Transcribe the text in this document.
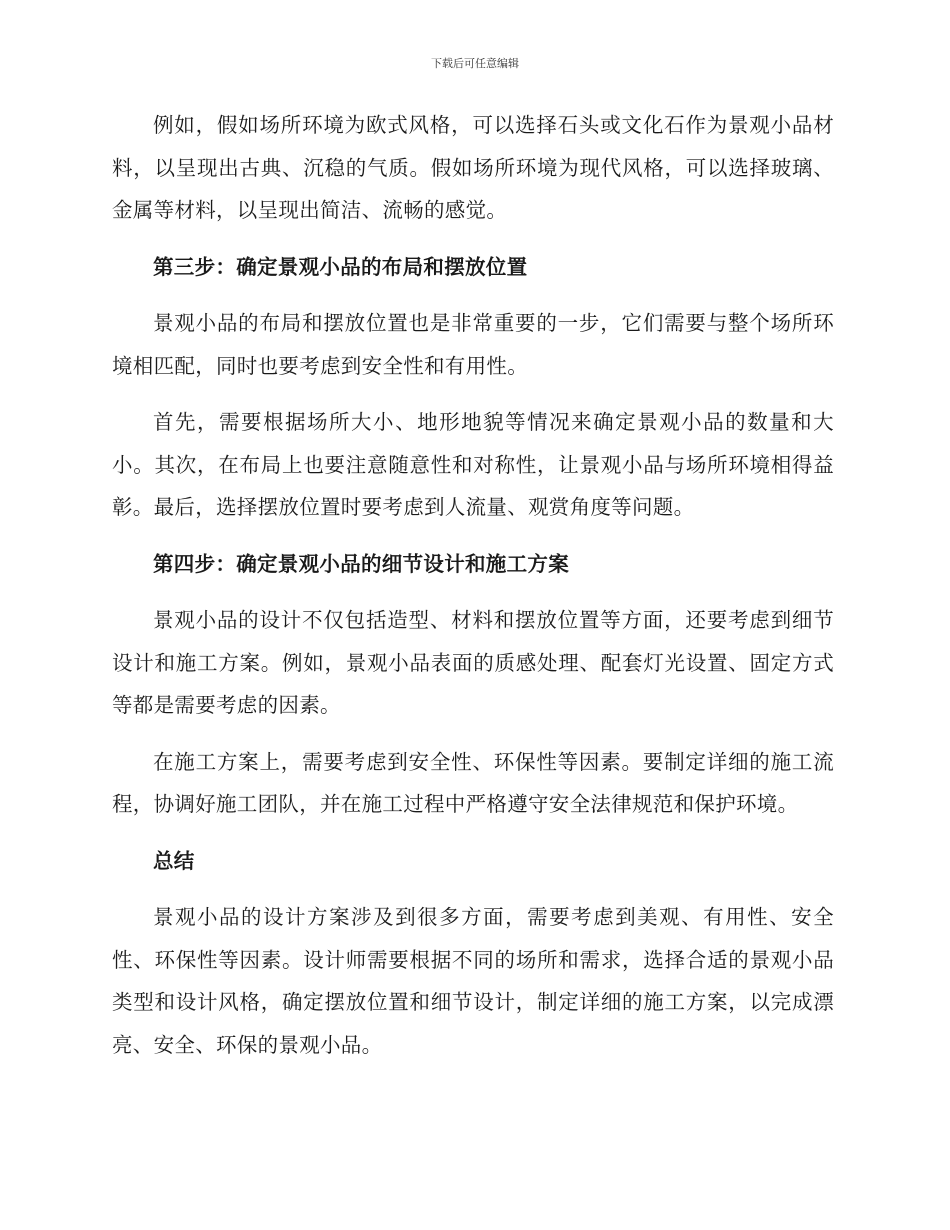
下载后可任意编辑

例如，假如场所环境为欧式风格，可以选择石头或文化石作为景观小品材料，以呈现出古典、沉稳的气质。假如场所环境为现代风格，可以选择玻璃、金属等材料，以呈现出简洁、流畅的感觉。

第三步：确定景观小品的布局和摆放位置

景观小品的布局和摆放位置也是非常重要的一步，它们需要与整个场所环境相匹配，同时也要考虑到安全性和有用性。

首先，需要根据场所大小、地形地貌等情况来确定景观小品的数量和大小。其次，在布局上也要注意随意性和对称性，让景观小品与场所环境相得益彰。最后，选择摆放位置时要考虑到人流量、观赏角度等问题。

第四步：确定景观小品的细节设计和施工方案

景观小品的设计不仅包括造型、材料和摆放位置等方面，还要考虑到细节设计和施工方案。例如，景观小品表面的质感处理、配套灯光设置、固定方式等都是需要考虑的因素。

在施工方案上，需要考虑到安全性、环保性等因素。要制定详细的施工流程，协调好施工团队，并在施工过程中严格遵守安全法律规范和保护环境。

总结

景观小品的设计方案涉及到很多方面，需要考虑到美观、有用性、安全性、环保性等因素。设计师需要根据不同的场所和需求，选择合适的景观小品类型和设计风格，确定摆放位置和细节设计，制定详细的施工方案，以完成漂亮、安全、环保的景观小品。
